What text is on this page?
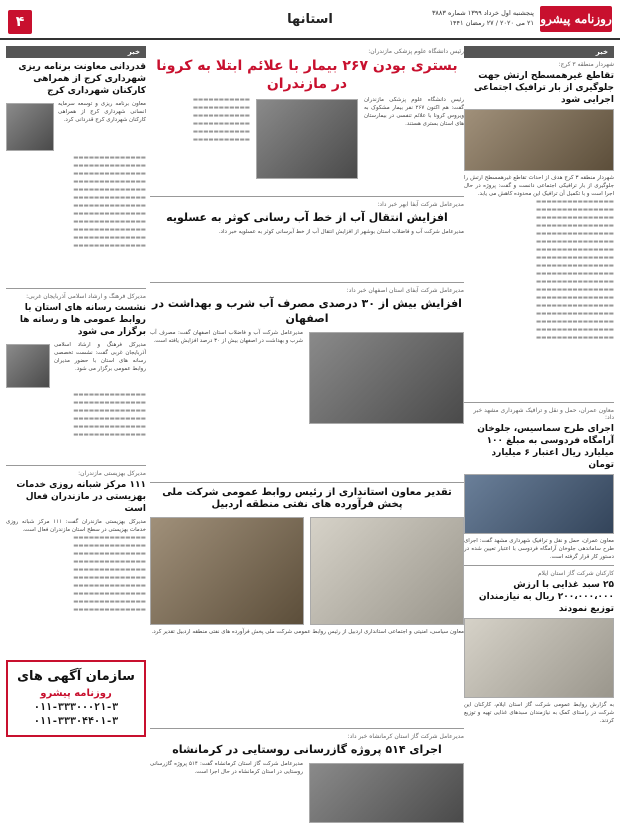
۴	استانها	پنجشنبه اول خرداد ۱۳۹۹ شماره ۳۸۸۳
۲۱ می ۲۰۲۰ / ۲۷ رمضان ۱۴۴۱ روزنامه پیشرو
خبر
شهردار منطقه ۳ کرج:
تقاطع غیرهمسطح ارتش جهت جلوگیری از بار ترافیک اجتماعی اجرایی شود
شهردار منطقه ۳ کرج هدف از احداث تقاطع غیرهمسطح ارتش را جلوگیری از بار ترافیکی اجتماعی دانست و گفت: پروژه در حال اجرا است و با تکمیل آن ترافیک این محدوده کاهش می یابد.
▬▬▬▬▬▬▬▬▬▬▬▬▬▬▬ ▬▬▬▬▬▬▬▬▬▬▬▬▬▬▬ ▬▬▬▬▬▬▬▬▬▬▬▬▬▬▬ ▬▬▬▬▬▬▬▬▬▬▬▬▬▬▬ ▬▬▬▬▬▬▬▬▬▬▬▬▬▬▬ ▬▬▬▬▬▬▬▬▬▬▬▬▬▬▬ ▬▬▬▬▬▬▬▬▬▬▬▬▬▬▬ ▬▬▬▬▬▬▬▬▬▬▬▬▬▬▬ ▬▬▬▬▬▬▬▬▬▬▬▬▬▬▬ ▬▬▬▬▬▬▬▬▬▬▬▬▬▬▬ ▬▬▬▬▬▬▬▬▬▬▬▬▬▬▬ ▬▬▬▬▬▬▬▬▬▬▬▬▬▬▬ ▬▬▬▬▬▬▬▬▬▬▬▬▬▬▬ ▬▬▬▬▬▬▬▬▬▬▬▬▬▬▬ ▬▬▬▬▬▬▬▬▬▬▬▬▬▬▬ ▬▬▬▬▬▬▬▬▬▬▬▬▬▬▬ ▬▬▬▬▬▬▬▬▬▬▬▬▬▬▬ ▬▬▬▬▬▬▬▬▬▬▬▬▬▬▬
معاون عمران، حمل و نقل و ترافیک شهرداری مشهد خبر داد:
اجرای طرح سماسیس، جلوخان آرامگاه فردوسی به مبلغ ۱۰۰ میلیارد ریال اعتبار ۶ میلیارد تومان
معاون عمران، حمل و نقل و ترافیک شهرداری مشهد گفت: اجرای طرح ساماندهی جلوخان آرامگاه فردوسی با اعتبار تعیین شده در دستور کار قرار گرفته است.
کارکنان شرکت گاز استان ایلام
۲۵ سبد غذایی با ارزش ۲۰۰،۰۰۰،۰۰۰ ریال به نیازمندان توزیع نمودند
به گزارش روابط عمومی شرکت گاز استان ایلام، کارکنان این شرکت در راستای کمک به نیازمندان سبدهای غذایی تهیه و توزیع کردند.
رئیس دانشگاه علوم پزشکی مازندران:
بستری بودن ۲۶۷ بیمار با علائم ابتلا به کرونا در مازندران
رئیس دانشگاه علوم پزشکی مازندران گفت: هم اکنون ۲۶۷ نفر بیمار مشکوک به ویروس کرونا با علائم تنفسی در بیمارستان های استان بستری هستند.
▬▬▬▬▬▬▬▬▬▬▬ ▬▬▬▬▬▬▬▬▬▬▬ ▬▬▬▬▬▬▬▬▬▬▬ ▬▬▬▬▬▬▬▬▬▬▬ ▬▬▬▬▬▬▬▬▬▬▬ ▬▬▬▬▬▬▬▬▬▬▬
مدیرعامل شرکت آبفا ابهر خبر داد:
افزایش انتقال آب از خط آب رسانی کوثر به عسلویه
مدیرعامل شرکت آب و فاضلاب استان بوشهر از افزایش انتقال آب از خط آبرسانی کوثر به عسلویه خبر داد.
مدیرعامل شرکت آبفای استان اصفهان خبر داد:
افزایش بیش از ۳۰ درصدی مصرف آب شرب و بهداشت در اصفهان
مدیرعامل شرکت آب و فاضلاب استان اصفهان گفت: مصرف آب شرب و بهداشت در اصفهان بیش از ۳۰ درصد افزایش یافته است.
تقدیر معاون استانداری از رئیس روابط عمومی شرکت ملی پخش فرآورده های نفتی منطقه اردبیل
معاون سیاسی، امنیتی و اجتماعی استانداری اردبیل از رئیس روابط عمومی شرکت ملی پخش فرآورده های نفتی منطقه اردبیل تقدیر کرد.
مدیرعامل شرکت گاز استان کرمانشاه خبر داد:
اجرای ۵۱۴ پروژه گازرسانی روستایی در کرمانشاه
مدیرعامل شرکت گاز استان کرمانشاه گفت: ۵۱۴ پروژه گازرسانی روستایی در استان کرمانشاه در حال اجرا است.
خبر
قدردانی معاونت برنامه ریزی شهرداری کرج از همراهی کارکنان شهرداری کرج
معاون برنامه ریزی و توسعه سرمایه انسانی شهرداری کرج از همراهی کارکنان شهرداری کرج قدردانی کرد.
▬▬▬▬▬▬▬▬▬▬▬▬▬▬ ▬▬▬▬▬▬▬▬▬▬▬▬▬▬ ▬▬▬▬▬▬▬▬▬▬▬▬▬▬ ▬▬▬▬▬▬▬▬▬▬▬▬▬▬ ▬▬▬▬▬▬▬▬▬▬▬▬▬▬ ▬▬▬▬▬▬▬▬▬▬▬▬▬▬ ▬▬▬▬▬▬▬▬▬▬▬▬▬▬ ▬▬▬▬▬▬▬▬▬▬▬▬▬▬ ▬▬▬▬▬▬▬▬▬▬▬▬▬▬ ▬▬▬▬▬▬▬▬▬▬▬▬▬▬ ▬▬▬▬▬▬▬▬▬▬▬▬▬▬ ▬▬▬▬▬▬▬▬▬▬▬▬▬▬
مدیرکل فرهنگ و ارشاد اسلامی آذربایجان غربی:
نشست رسانه های استان با روابط عمومی ها و رسانه ها برگزار می شود
مدیرکل فرهنگ و ارشاد اسلامی آذربایجان غربی گفت: نشست تخصصی رسانه های استان با حضور مدیران روابط عمومی برگزار می شود.
▬▬▬▬▬▬▬▬▬▬▬▬▬▬ ▬▬▬▬▬▬▬▬▬▬▬▬▬▬ ▬▬▬▬▬▬▬▬▬▬▬▬▬▬ ▬▬▬▬▬▬▬▬▬▬▬▬▬▬ ▬▬▬▬▬▬▬▬▬▬▬▬▬▬ ▬▬▬▬▬▬▬▬▬▬▬▬▬▬
مدیرکل بهزیستی مازندران:
۱۱۱ مرکز شبانه روزی خدمات بهزیستی در مازندران فعال است
مدیرکل بهزیستی مازندران گفت: ۱۱۱ مرکز شبانه روزی خدمات بهزیستی در سطح استان مازندران فعال است.
▬▬▬▬▬▬▬▬▬▬▬▬▬▬ ▬▬▬▬▬▬▬▬▬▬▬▬▬▬ ▬▬▬▬▬▬▬▬▬▬▬▬▬▬ ▬▬▬▬▬▬▬▬▬▬▬▬▬▬ ▬▬▬▬▬▬▬▬▬▬▬▬▬▬ ▬▬▬▬▬▬▬▬▬▬▬▬▬▬ ▬▬▬▬▬▬▬▬▬▬▬▬▬▬ ▬▬▬▬▬▬▬▬▬▬▬▬▬▬ ▬▬▬▬▬▬▬▬▬▬▬▬▬▬ ▬▬▬▬▬▬▬▬▬▬▬▬▬▬
سازمان آگهی های
روزنامه پیشرو
۰۱۱-۳۳۳۰۰۰۲۱-۳
۰۱۱-۳۳۳۰۴۴۰۱-۳
